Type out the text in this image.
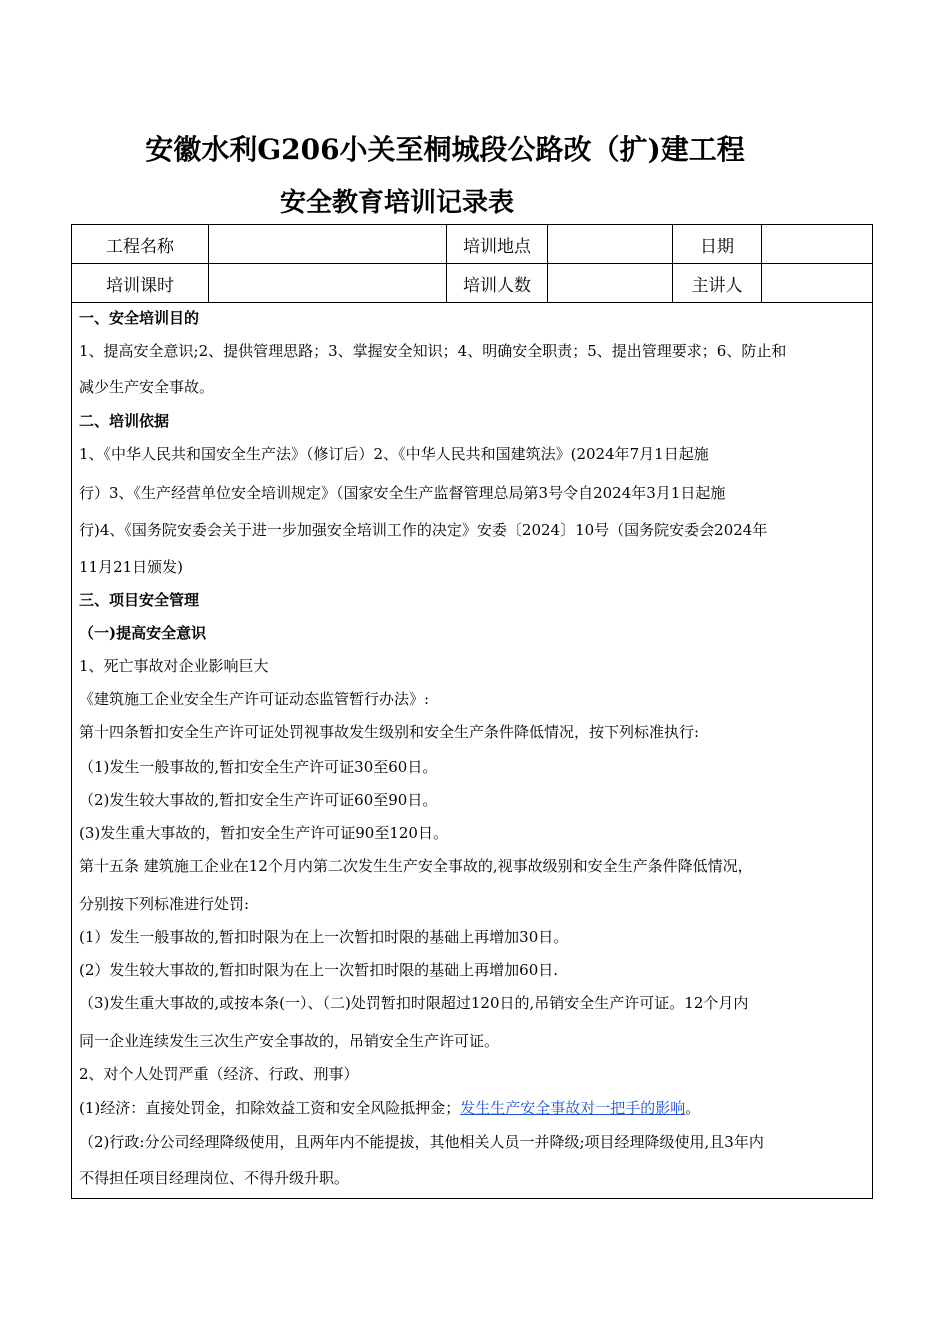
安徽水利G206小关至桐城段公路改（扩)建工程
安全教育培训记录表
工程名称		培训地点		日期	
培训课时		培训人数		主讲人	
一、安全培训目的
1、提高安全意识;2、提供管理思路；3、掌握安全知识；4、明确安全职责；5、提出管理要求；6、防止和
减少生产安全事故。
二、培训依据
1、《中华人民共和国安全生产法》（修订后）2、《中华人民共和国建筑法》(2024年7月1日起施
行）3、《生产经营单位安全培训规定》（国家安全生产监督管理总局第3号令自2024年3月1日起施
行)4、《国务院安委会关于进一步加强安全培训工作的决定》安委〔2024〕10号（国务院安委会2024年
11月21日颁发)
三、项目安全管理
（一)提高安全意识
1、死亡事故对企业影响巨大
《建筑施工企业安全生产许可证动态监管暂行办法》:
第十四条暂扣安全生产许可证处罚视事故发生级别和安全生产条件降低情况，按下列标准执行:
（1)发生一般事故的,暂扣安全生产许可证30至60日。
（2)发生较大事故的,暂扣安全生产许可证60至90日。
(3)发生重大事故的，暂扣安全生产许可证90至120日。
第十五条 建筑施工企业在12个月内第二次发生生产安全事故的,视事故级别和安全生产条件降低情况，
分别按下列标准进行处罚:
(1）发生一般事故的,暂扣时限为在上一次暂扣时限的基础上再增加30日。
(2）发生较大事故的,暂扣时限为在上一次暂扣时限的基础上再增加60日.
（3)发生重大事故的,或按本条(一）、（二)处罚暂扣时限超过120日的,吊销安全生产许可证。12个月内
同一企业连续发生三次生产安全事故的，吊销安全生产许可证。
2、对个人处罚严重（经济、行政、刑事）
(1)经济：直接处罚金，扣除效益工资和安全风险抵押金；发生生产安全事故对一把手的影响。
（2)行政:分公司经理降级使用，且两年内不能提拔，其他相关人员一并降级;项目经理降级使用,且3年内
不得担任项目经理岗位、不得升级升职。
